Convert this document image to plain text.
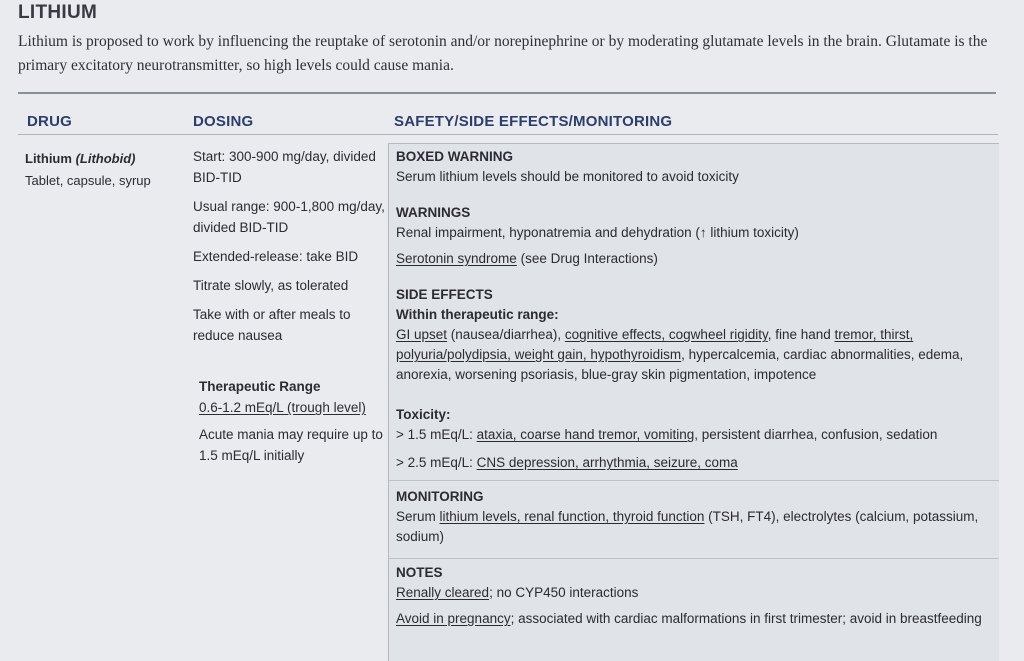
LITHIUM
Lithium is proposed to work by influencing the reuptake of serotonin and/or norepinephrine or by moderating glutamate levels in the brain. Glutamate is the primary excitatory neurotransmitter, so high levels could cause mania.
DRUG	DOSING	SAFETY/SIDE EFFECTS/MONITORING

Lithium (Lithobid)

Tablet, capsule, syrup

Start: 300-900 mg/day, divided BID-TID

Usual range: 900-1,800 mg/day, divided BID-TID

Extended-release: take BID

Titrate slowly, as tolerated

Take with or after meals to reduce nausea

Therapeutic Range

0.6-1.2 mEq/L (trough level)

Acute mania may require up to 1.5 mEq/L initially

BOXED WARNING

Serum lithium levels should be monitored to avoid toxicity

WARNINGS

Renal impairment, hyponatremia and dehydration (↑ lithium toxicity)

Serotonin syndrome (see Drug Interactions)

SIDE EFFECTS

Within therapeutic range:

GI upset (nausea/diarrhea), cognitive effects, cogwheel rigidity, fine hand tremor, thirst, polyuria/polydipsia, weight gain, hypothyroidism, hypercalcemia, cardiac abnormalities, edema, anorexia, worsening psoriasis, blue-gray skin pigmentation, impotence

Toxicity:

> 1.5 mEq/L: ataxia, coarse hand tremor, vomiting, persistent diarrhea, confusion, sedation

> 2.5 mEq/L: CNS depression, arrhythmia, seizure, coma

MONITORING

Serum lithium levels, renal function, thyroid function (TSH, FT4), electrolytes (calcium, potassium, sodium)

NOTES

Renally cleared; no CYP450 interactions

Avoid in pregnancy; associated with cardiac malformations in first trimester; avoid in breastfeeding
